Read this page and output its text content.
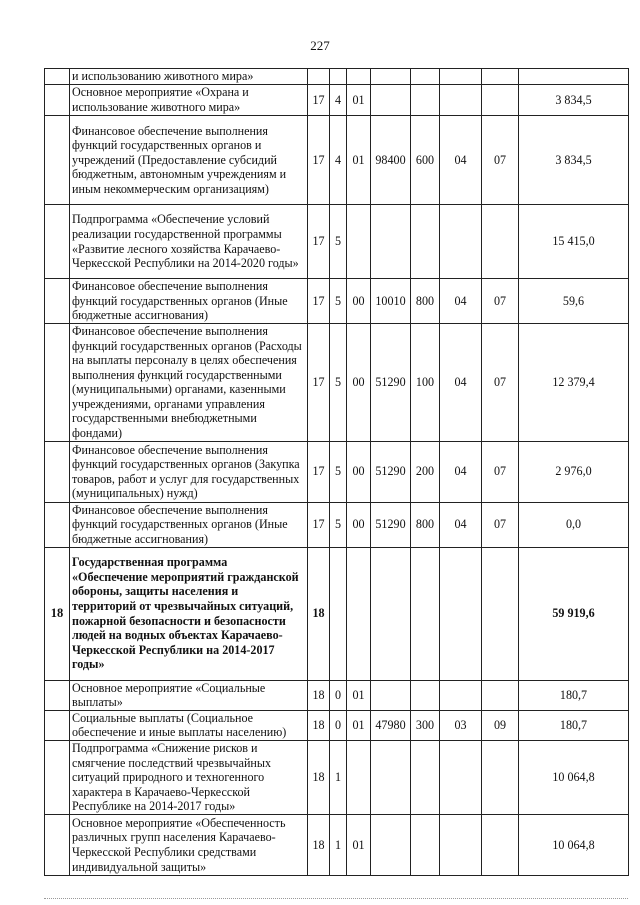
227
	и использованию животного мира»								
	Основное мероприятие «Охрана и использование животного мира»	17	4	01					3 834,5
	Финансовое обеспечение выполнения функций государственных органов и учреждений (Предоставление субсидий бюджетным, автономным учреждениям и иным некоммерческим организациям)	17	4	01	98400	600	04	07	3 834,5
	Подпрограмма «Обеспечение условий реализации государственной программы «Развитие лесного хозяйства Карачаево-Черкесской Республики на 2014-2020 годы»	17	5						15 415,0
	Финансовое обеспечение выполнения функций государственных органов (Иные бюджетные ассигнования)	17	5	00	10010	800	04	07	59,6
	Финансовое обеспечение выполнения функций государственных органов (Расходы на выплаты персоналу в целях обеспечения выполнения функций государственными (муниципальными) органами, казенными учреждениями, органами управления государственными внебюджетными фондами)	17	5	00	51290	100	04	07	12 379,4
	Финансовое обеспечение выполнения функций государственных органов (Закупка товаров, работ и услуг для государственных (муниципальных) нужд)	17	5	00	51290	200	04	07	2 976,0
	Финансовое обеспечение выполнения функций государственных органов (Иные бюджетные ассигнования)	17	5	00	51290	800	04	07	0,0
18	Государственная программа «Обеспечение мероприятий гражданской обороны, защиты населения и территорий от чрезвычайных ситуаций, пожарной безопасности и безопасности людей на водных объектах Карачаево-Черкесской Республики на 2014-2017 годы»	18							59 919,6
	Основное мероприятие «Социальные выплаты»	18	0	01					180,7
	Социальные выплаты (Социальное обеспечение и иные выплаты населению)	18	0	01	47980	300	03	09	180,7
	Подпрограмма «Снижение рисков и смягчение последствий чрезвычайных ситуаций природного и техногенного характера в Карачаево-Черкесской Республике на 2014-2017 годы»	18	1						10 064,8
	Основное мероприятие «Обеспеченность различных групп населения Карачаево-Черкесской Республики средствами индивидуальной защиты»	18	1	01					10 064,8
